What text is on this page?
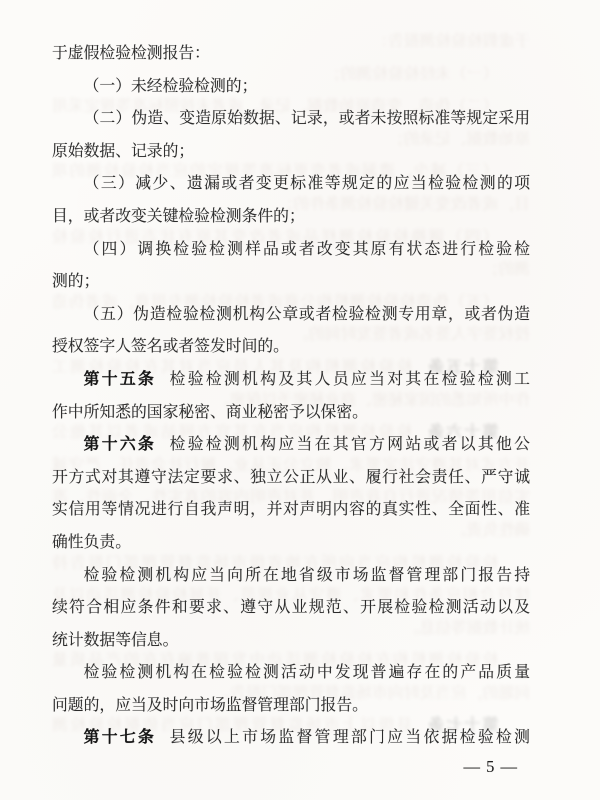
于虚假检验检测报告：
（一）未经检验检测的；
（二）伪造、变造原始数据、记录，或者未按照标准等规定采用
原始数据、记录的；
（三）减少、遗漏或者变更标准等规定的应当检验检测的项
目，或者改变关键检验检测条件的；
（四）调换检验检测样品或者改变其原有状态进行检验检
测的；
（五）伪造检验检测机构公章或者检验检测专用章，或者伪造
授权签字人签名或者签发时间的。
第十五条检验检测机构及其人员应当对其在检验检测工
作中所知悉的国家秘密、商业秘密予以保密。
第十六条检验检测机构应当在其官方网站或者以其他公
开方式对其遵守法定要求、独立公正从业、履行社会责任、严守诚
实信用等情况进行自我声明，并对声明内容的真实性、全面性、准
确性负责。
检验检测机构应当向所在地省级市场监督管理部门报告持
续符合相应条件和要求、遵守从业规范、开展检验检测活动以及
统计数据等信息。
检验检测机构在检验检测活动中发现普遍存在的产品质量
问题的，应当及时向市场监督管理部门报告。
第十七条县级以上市场监督管理部门应当依据检验检测
于虚假检验检测报告：
（一）未经检验检测的；
（二）伪造、变造原始数据、记录，或者未按照标准等规定采用
原始数据、记录的；
（三）减少、遗漏或者变更标准等规定的应当检验检测的项
目，或者改变关键检验检测条件的；
（四）调换检验检测样品或者改变其原有状态进行检验检
测的；
（五）伪造检验检测机构公章或者检验检测专用章，或者伪造
授权签字人签名或者签发时间的。
第十五条 检验检测机构及其人员应当对其在检验检测工
作中所知悉的国家秘密、商业秘密予以保密。
第十六条 检验检测机构应当在其官方网站或者以其他公
开方式对其遵守法定要求、独立公正从业、履行社会责任、严守诚
实信用等情况进行自我声明，并对声明内容的真实性、全面性、准
确性负责。
检验检测机构应当向所在地省级市场监督管理部门报告持
续符合相应条件和要求、遵守从业规范、开展检验检测活动以及
统计数据等信息。
检验检测机构在检验检测活动中发现普遍存在的产品质量
问题的，应当及时向市场监督管理部门报告。
第十七条 县级以上市场监督管理部门应当依据检验检测
— 5 —
